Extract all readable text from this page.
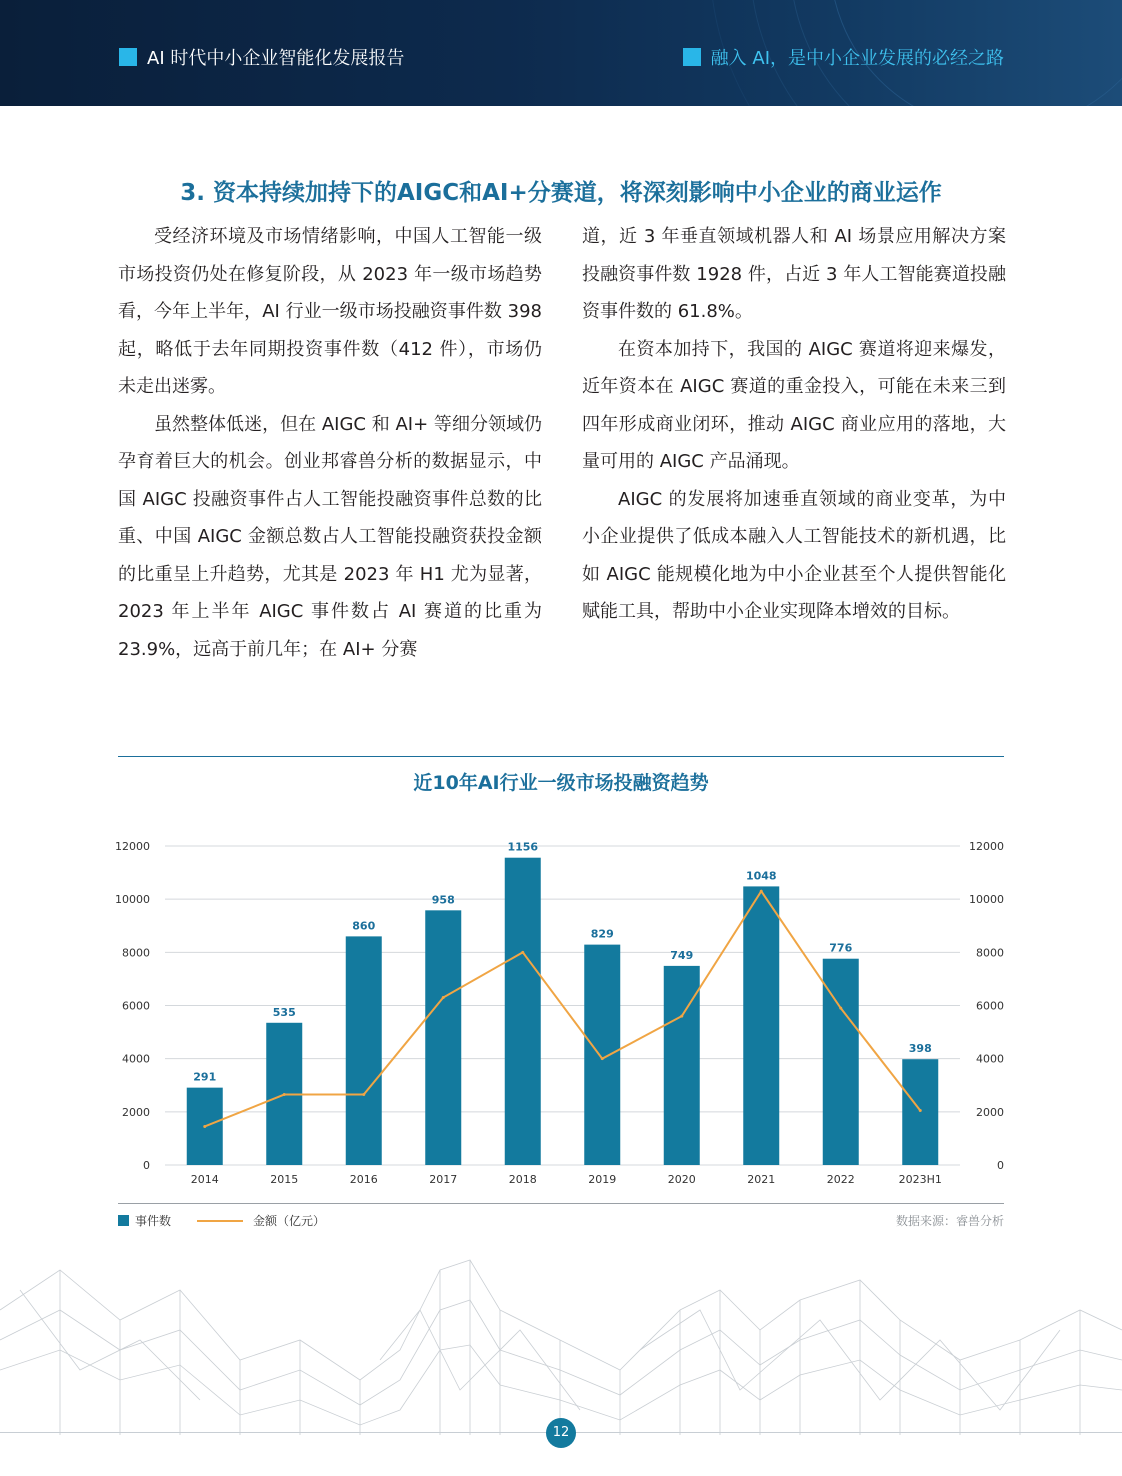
AI 时代中小企业智能化发展报告	融入 AI，是中小企业发展的必经之路
3. 资本持续加持下的AIGC和AI+分赛道，将深刻影响中小企业的商业运作

受经济环境及市场情绪影响，中国人工智能一级市场投资仍处在修复阶段，从 2023 年一级市场趋势看，今年上半年，AI 行业一级市场投融资事件数 398 起，略低于去年同期投资事件数（412 件），市场仍未走出迷雾。

虽然整体低迷，但在 AIGC 和 AI+ 等细分领域仍孕育着巨大的机会。创业邦睿兽分析的数据显示，中国 AIGC 投融资事件占人工智能投融资事件总数的比重、中国 AIGC 金额总数占人工智能投融资获投金额的比重呈上升趋势，尤其是 2023 年 H1 尤为显著，2023 年上半年 AIGC 事件数占 AI 赛道的比重为 23.9%，远高于前几年；在 AI+ 分赛

道，近 3 年垂直领域机器人和 AI 场景应用解决方案投融资事件数 1928 件，占近 3 年人工智能赛道投融资事件数的 61.8%。

在资本加持下，我国的 AIGC 赛道将迎来爆发，近年资本在 AIGC 赛道的重金投入，可能在未来三到四年形成商业闭环，推动 AIGC 商业应用的落地，大量可用的 AIGC 产品涌现。

AIGC 的发展将加速垂直领域的商业变革，为中小企业提供了低成本融入人工智能技术的新机遇，比如 AIGC 能规模化地为中小企业甚至个人提供智能化赋能工具，帮助中小企业实现降本增效的目标。

近10年AI行业一级市场投融资趋势
0	0
2000	2000
4000	4000
6000	6000
8000	8000
10000	10000
12000	12000
291
535
860
958
1156
829
749
1048
776
398
2014	2015	2016	2017	2018	2019	2020	2021	2022	2023H1
事件数	金额（亿元）	数据来源：睿兽分析
12
